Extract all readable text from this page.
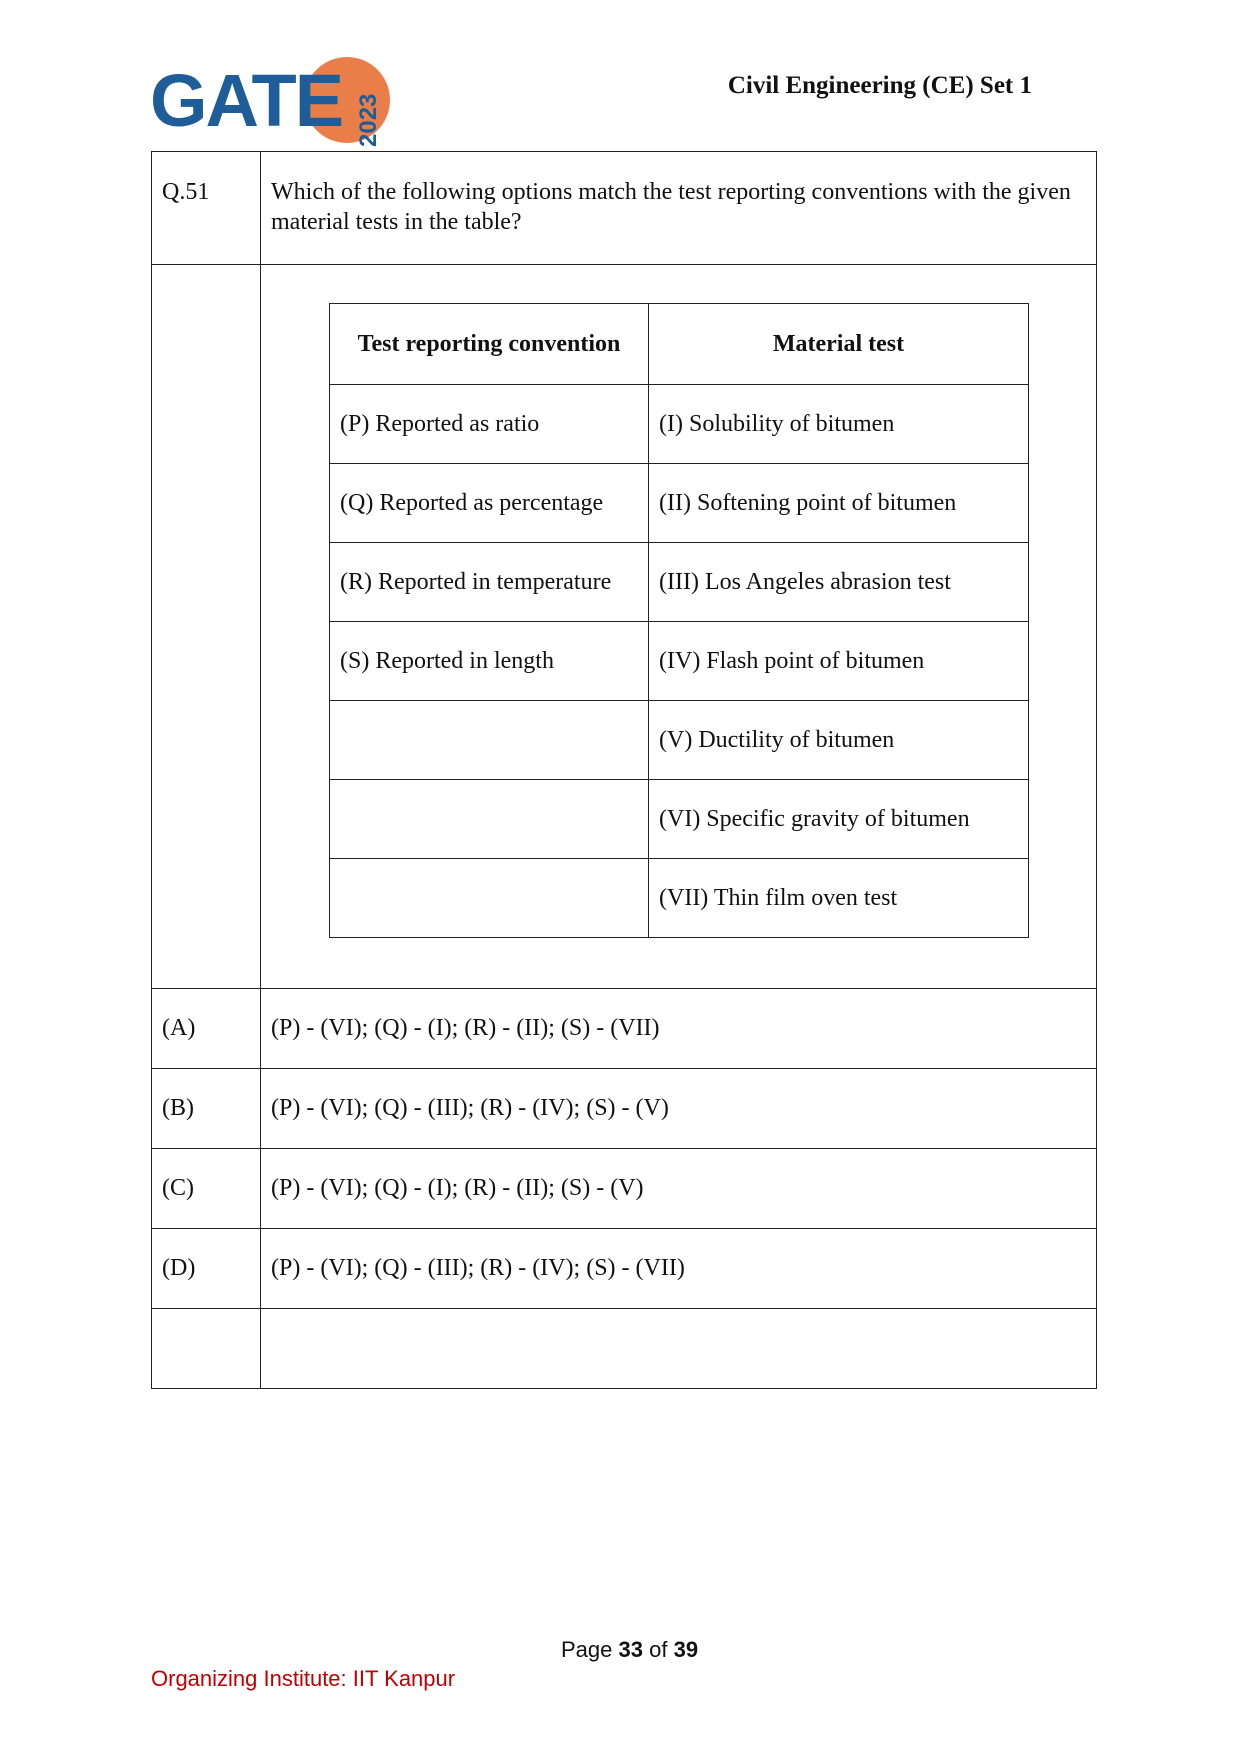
GATE 2023
Civil Engineering (CE) Set 1
Q.51	Which of the following options match the test reporting conventions with the given material tests in the table?

Test reporting convention	Material test
(P) Reported as ratio	(I) Solubility of bitumen
(Q) Reported as percentage	(II) Softening point of bitumen
(R) Reported in temperature	(III) Los Angeles abrasion test
(S) Reported in length	(IV) Flash point of bitumen
	(V) Ductility of bitumen
	(VI) Specific gravity of bitumen
	(VII) Thin film oven test

(A)	(P) - (VI); (Q) - (I); (R) - (II); (S) - (VII)
(B)	(P) - (VI); (Q) - (III); (R) - (IV); (S) - (V)
(C)	(P) - (VI); (Q) - (I); (R) - (II); (S) - (V)
(D)	(P) - (VI); (Q) - (III); (R) - (IV); (S) - (VII)

Page 33 of 39
Organizing Institute: IIT Kanpur
